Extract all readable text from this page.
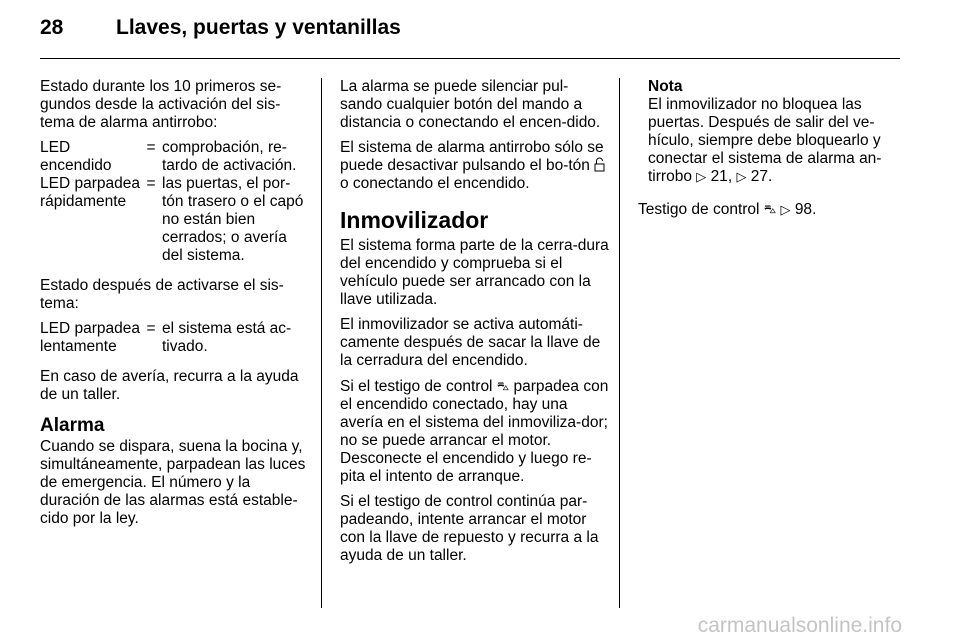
28	Llaves, puertas y ventanillas

Estado durante los 10 primeros se-gundos desde la activación del sis-tema de alarma antirrobo:

LED encendido
= comprobación, re-tardo de activación.
LED parpadea rápidamente
= las puertas, el por-tón trasero o el capó no están bien cerrados; o avería del sistema.

Estado después de activarse el sis-tema:

LED parpadea lentamente
= el sistema está ac-tivado.

En caso de avería, recurra a la ayuda de un taller.

Alarma

Cuando se dispara, suena la bocina y, simultáneamente, parpadean las luces de emergencia. El número y la duración de las alarmas está estable-cido por la ley.

La alarma se puede silenciar pul-sando cualquier botón del mando a distancia o conectando el encen-dido.

El sistema de alarma antirrobo sólo se puede desactivar pulsando el bo-tón  o conectando el encendido.

Inmovilizador

El sistema forma parte de la cerra-dura del encendido y comprueba si el vehículo puede ser arrancado con la llave utilizada.

El inmovilizador se activa automáti-camente después de sacar la llave de la cerradura del encendido.

Si el testigo de control ⛍ parpadea con el encendido conectado, hay una avería en el sistema del inmoviliza-dor; no se puede arrancar el motor. Desconecte el encendido y luego re-pita el intento de arranque.

Si el testigo de control continúa par-padeando, intente arrancar el motor con la llave de repuesto y recurra a la ayuda de un taller.

Nota
El inmovilizador no bloquea las puertas. Después de salir del ve-hículo, siempre debe bloquearlo y conectar el sistema de alarma an-tirrobo ▷ 21, ▷ 27.

Testigo de control ⛍ ▷ 98.

carmanualsonline.info
